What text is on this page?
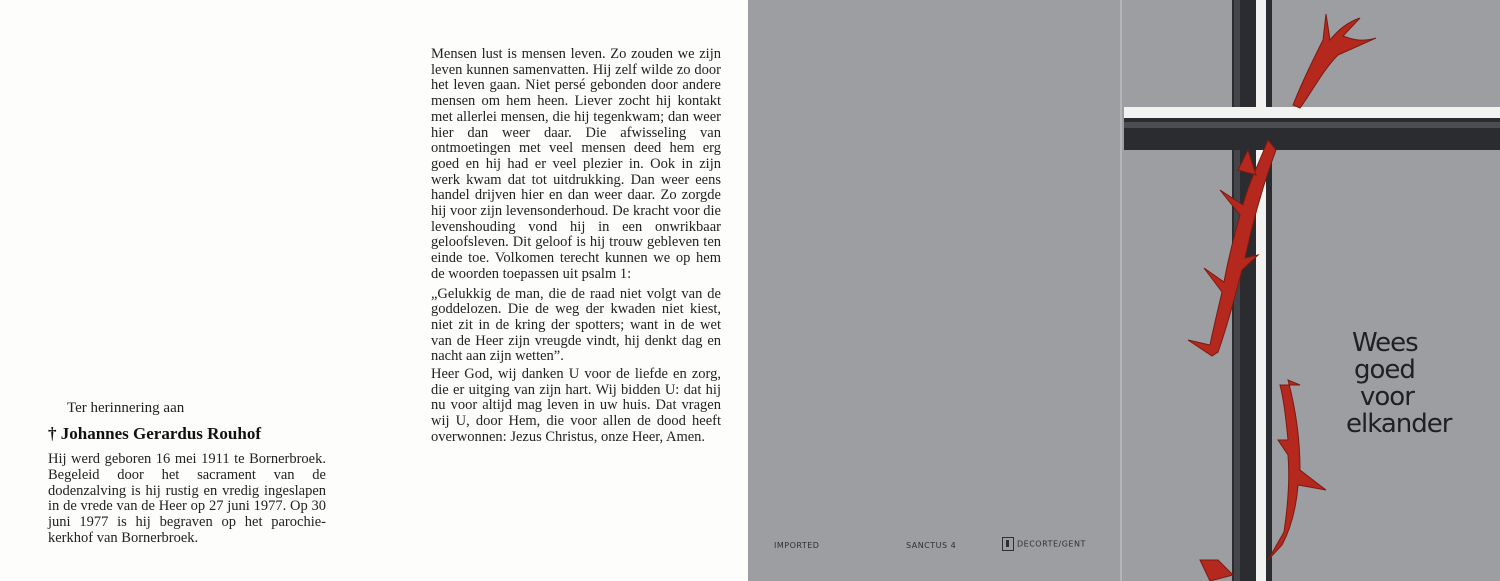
Ter herinnering aan
† Johannes Gerardus Rouhof
Hij werd geboren 16 mei 1911 te Bornerbroek. Begeleid door het sacrament van de dodenzalving is hij rustig en vredig ingeslapen in de vrede van de Heer op 27 juni 1977. Op 30 juni 1977 is hij begraven op het parochie-kerkhof van Bornerbroek.

Mensen lust is mensen leven. Zo zouden we zijn leven kunnen samenvatten. Hij zelf wilde zo door het leven gaan. Niet persé gebonden door andere mensen om hem heen. Liever zocht hij kontakt met allerlei mensen, die hij tegenkwam; dan weer hier dan weer daar. Die afwisseling van ontmoetingen met veel mensen deed hem erg goed en hij had er veel plezier in. Ook in zijn werk kwam dat tot uitdrukking. Dan weer eens handel drijven hier en dan weer daar. Zo zorgde hij voor zijn levensonderhoud. De kracht voor die levenshouding vond hij in een onwrikbaar geloofsleven. Dit geloof is hij trouw gebleven ten einde toe. Volkomen terecht kunnen we op hem de woorden toepassen uit psalm 1:

„Gelukkig de man, die de raad niet volgt van de goddelozen. Die de weg der kwaden niet kiest, niet zit in de kring der spotters; want in de wet van de Heer zijn vreugde vindt, hij denkt dag en nacht aan zijn wetten”.

Heer God, wij danken U voor de liefde en zorg, die er uitging van zijn hart. Wij bidden U: dat hij nu voor altijd mag leven in uw huis. Dat vragen wij U, door Hem, die voor allen de dood heeft overwonnen: Jezus Christus, onze Heer, Amen.

Wees
goed
voor
elkander
IMPORTED	SANCTUS 4	DECORTE/GENT
